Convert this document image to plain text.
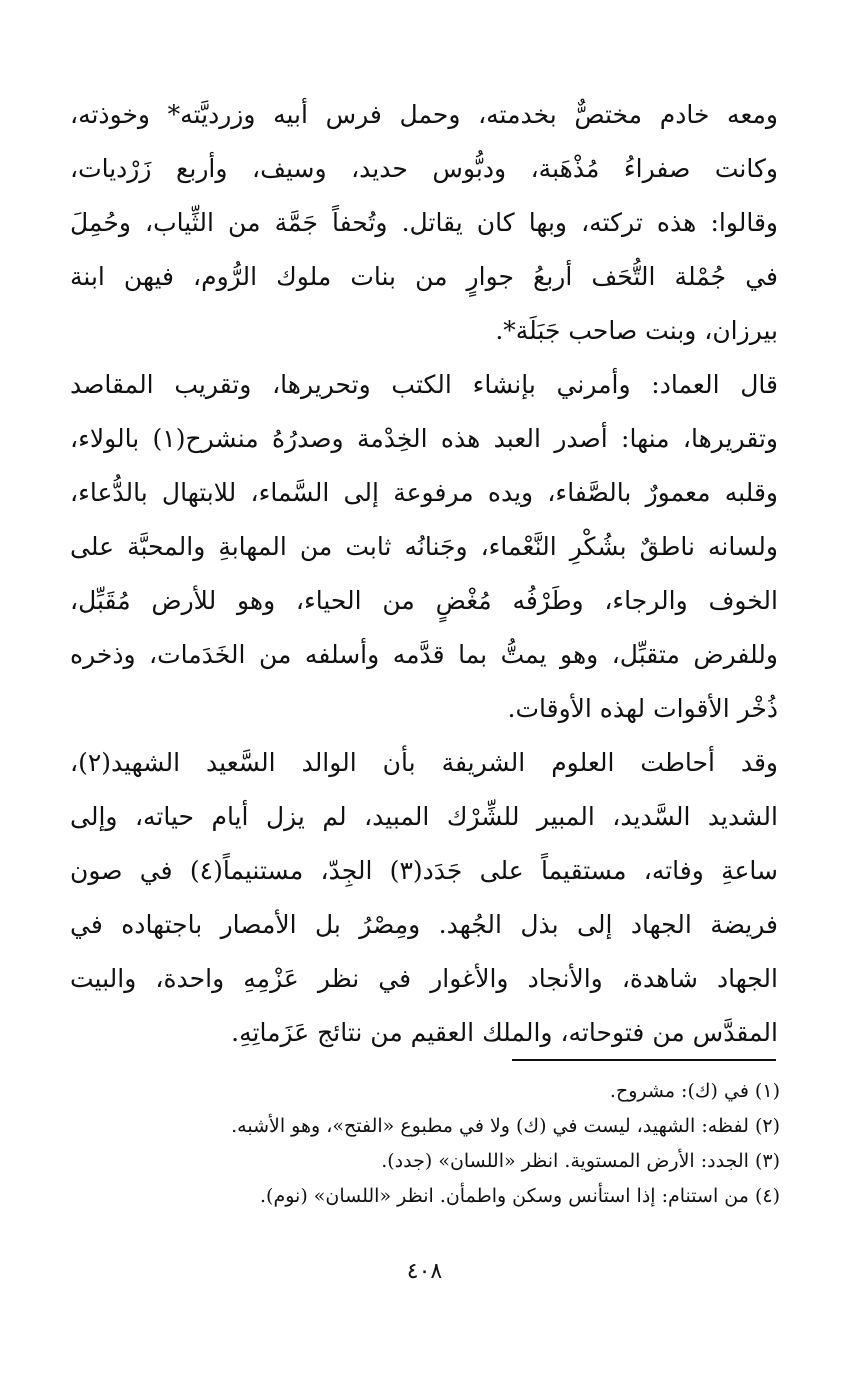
ومعه خادم مختصٌّ بخدمته، وحمل فرس أبيه وزرديَّته* وخوذته،
وكانت صفراءُ مُذْهَبة، ودبُّوس حديد، وسيف، وأربع زَرْديات،
وقالوا: هذه تركته، وبها كان يقاتل. وتُحفاً جَمَّة من الثِّياب، وحُمِلَ
في جُمْلة التُّحَف أربعُ جوارٍ من بنات ملوك الرُّوم، فيهن ابنة
بيرزان، وبنت صاحب جَبَلَة*.
قال العماد: وأمرني بإنشاء الكتب وتحريرها، وتقريب المقاصد
وتقريرها، منها: أصدر العبد هذه الخِدْمة وصدرُهُ منشرح(١) بالولاء،
وقلبه معمورٌ بالصَّفاء، ويده مرفوعة إلى السَّماء، للابتهال بالدُّعاء،
ولسانه ناطقٌ بشُكْرِ النَّعْماء، وجَنانُه ثابت من المهابةِ والمحبَّة على
الخوف والرجاء، وطَرْفُه مُغْضٍ من الحياء، وهو للأرض مُقَبِّل،
وللفرض متقبِّل، وهو يمتُّ بما قدَّمه وأسلفه من الخَدَمات، وذخره
ذُخْر الأقوات لهذه الأوقات.
وقد أحاطت العلوم الشريفة بأن الوالد السَّعيد الشهيد(٢)،
الشديد السَّديد، المبير للشِّرْك المبيد، لم يزل أيام حياته، وإلى
ساعةِ وفاته، مستقيماً على جَدَد(٣) الجِدّ، مستنيماً(٤) في صون
فريضة الجهاد إلى بذل الجُهد. ومِصْرُ بل الأمصار باجتهاده في
الجهاد شاهدة، والأنجاد والأغوار في نظر عَزْمِهِ واحدة، والبيت
المقدَّس من فتوحاته، والملك العقيم من نتائج عَزَماتِهِ.
(١) في (ك): مشروح.
(٢) لفظه: الشهيد، ليست في (ك) ولا في مطبوع «الفتح»، وهو الأشبه.
(٣) الجدد: الأرض المستوية. انظر «اللسان» (جدد).
(٤) من استنام: إذا استأنس وسكن واطمأن. انظر «اللسان» (نوم).
٤٠٨
